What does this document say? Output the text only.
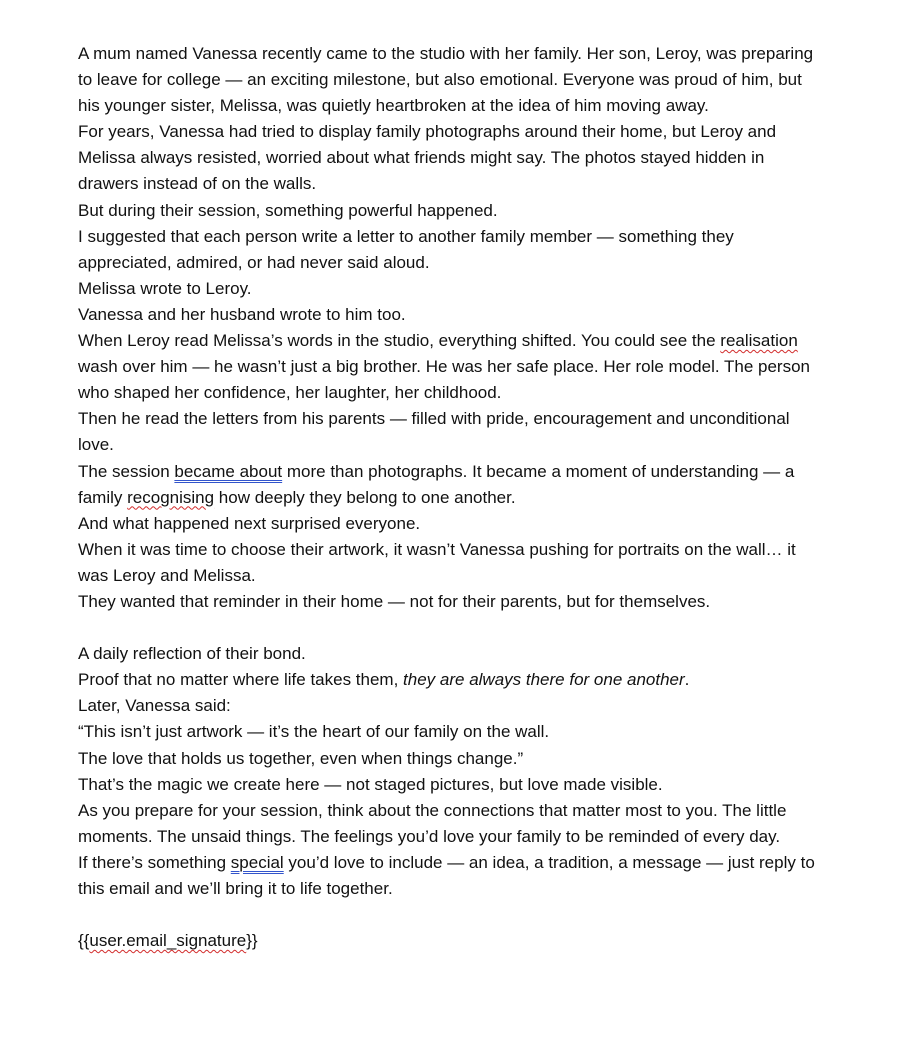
A mum named Vanessa recently came to the studio with her family. Her son, Leroy, was preparing to leave for college — an exciting milestone, but also emotional. Everyone was proud of him, but his younger sister, Melissa, was quietly heartbroken at the idea of him moving away.

For years, Vanessa had tried to display family photographs around their home, but Leroy and Melissa always resisted, worried about what friends might say. The photos stayed hidden in drawers instead of on the walls.

But during their session, something powerful happened.

I suggested that each person write a letter to another family member — something they appreciated, admired, or had never said aloud.

Melissa wrote to Leroy.

Vanessa and her husband wrote to him too.

When Leroy read Melissa’s words in the studio, everything shifted. You could see the realisation wash over him — he wasn’t just a big brother. He was her safe place. Her role model. The person who shaped her confidence, her laughter, her childhood.

Then he read the letters from his parents — filled with pride, encouragement and unconditional love.

The session became about more than photographs. It became a moment of understanding — a family recognising how deeply they belong to one another.

And what happened next surprised everyone.

When it was time to choose their artwork, it wasn’t Vanessa pushing for portraits on the wall… it was Leroy and Melissa.

They wanted that reminder in their home — not for their parents, but for themselves.

A daily reflection of their bond.

Proof that no matter where life takes them, they are always there for one another.

Later, Vanessa said:

“This isn’t just artwork — it’s the heart of our family on the wall.

The love that holds us together, even when things change.”

That’s the magic we create here — not staged pictures, but love made visible.

As you prepare for your session, think about the connections that matter most to you. The little moments. The unsaid things. The feelings you’d love your family to be reminded of every day.

If there’s something special you’d love to include — an idea, a tradition, a message — just reply to this email and we’ll bring it to life together.

{{user.email_signature}}
